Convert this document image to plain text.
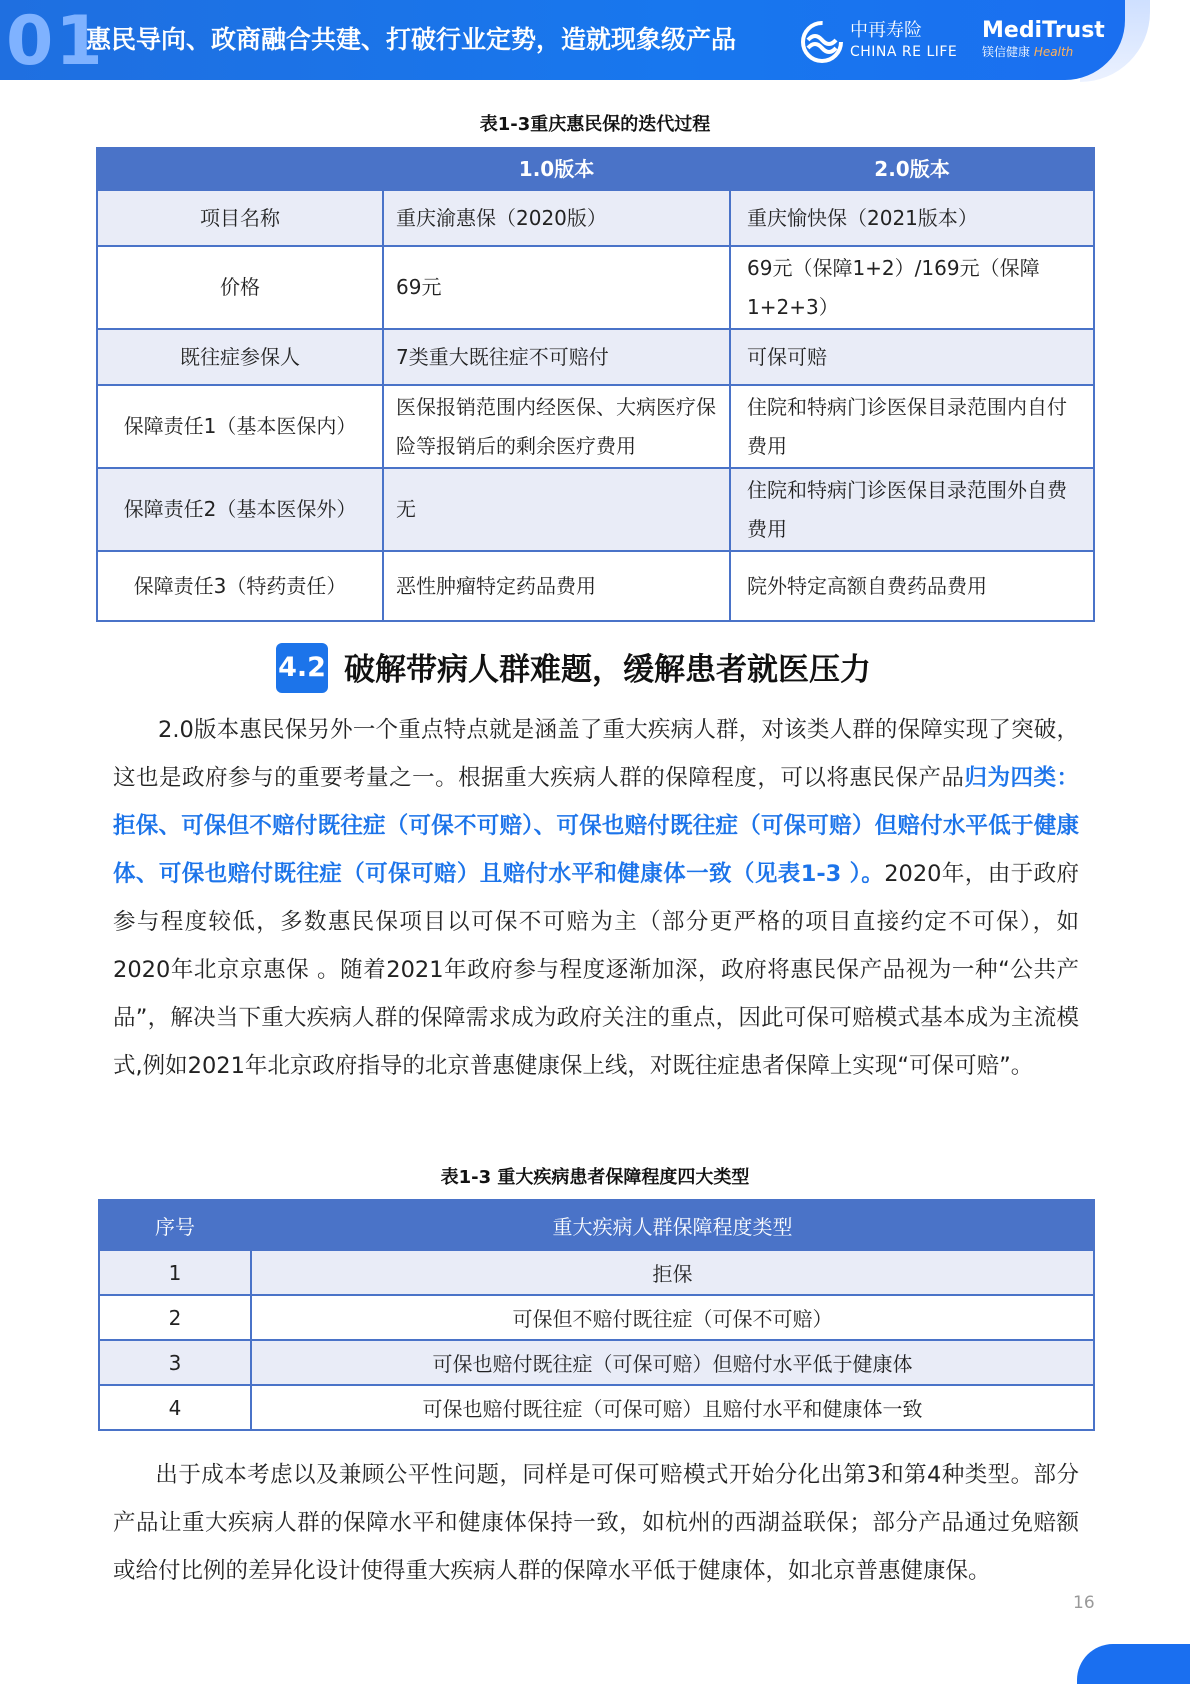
01
惠民导向、政商融合共建、打破行业定势，造就现象级产品	中再寿险
CHINA RE LIFE
MediTrust
镁信健康 Health
表1-3重庆惠民保的迭代过程
	1.0版本	2.0版本
项目名称	重庆渝惠保（2020版）	重庆愉快保（2021版本）
价格	69元	69元（保障1+2）/169元（保障1+2+3）
既往症参保人	7类重大既往症不可赔付	可保可赔
保障责任1（基本医保内）	医保报销范围内经医保、大病医疗保险等报销后的剩余医疗费用	住院和特病门诊医保目录范围内自付费用
保障责任2（基本医保外）	无	住院和特病门诊医保目录范围外自费费用
保障责任3（特药责任）	恶性肿瘤特定药品费用	院外特定高额自费药品费用
4.2 破解带病人群难题，缓解患者就医压力
2.0版本惠民保另外一个重点特点就是涵盖了重大疾病人群，对该类人群的保障实现了突破，这也是政府参与的重要考量之一。根据重大疾病人群的保障程度，可以将惠民保产品归为四类：拒保、可保但不赔付既往症（可保不可赔）、可保也赔付既往症（可保可赔）但赔付水平低于健康体、可保也赔付既往症（可保可赔）且赔付水平和健康体一致（见表1-3 ）。2020年，由于政府参与程度较低，多数惠民保项目以可保不可赔为主（部分更严格的项目直接约定不可保），如2020年北京京惠保 。随着2021年政府参与程度逐渐加深，政府将惠民保产品视为一种“公共产品”，解决当下重大疾病人群的保障需求成为政府关注的重点，因此可保可赔模式基本成为主流模式,例如2021年北京政府指导的北京普惠健康保上线，对既往症患者保障上实现“可保可赔”。
表1-3 重大疾病患者保障程度四大类型
序号	重大疾病人群保障程度类型
1	拒保
2	可保但不赔付既往症（可保不可赔）
3	可保也赔付既往症（可保可赔）但赔付水平低于健康体
4	可保也赔付既往症（可保可赔）且赔付水平和健康体一致
出于成本考虑以及兼顾公平性问题，同样是可保可赔模式开始分化出第3和第4种类型。部分产品让重大疾病人群的保障水平和健康体保持一致，如杭州的西湖益联保；部分产品通过免赔额或给付比例的差异化设计使得重大疾病人群的保障水平低于健康体，如北京普惠健康保。
16
